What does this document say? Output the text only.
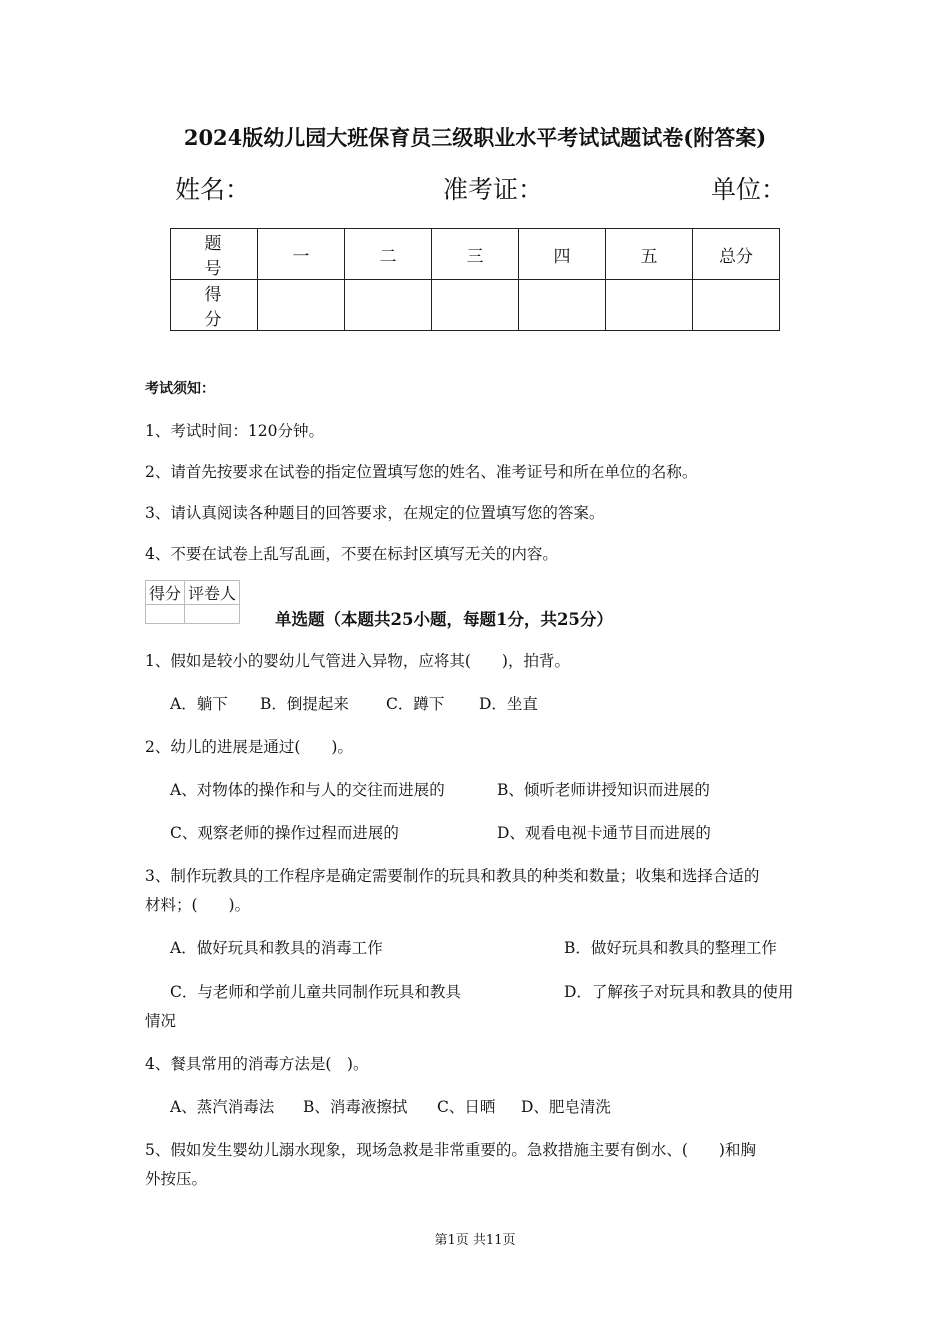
2024版幼儿园大班保育员三级职业水平考试试题试卷(附答案)
姓名：	准考证：	单位：
题　号	一	二	三	四	五	总分
得　分						
考试须知：
1、考试时间：120分钟。
2、请首先按要求在试卷的指定位置填写您的姓名、准考证号和所在单位的名称。
3、请认真阅读各种题目的回答要求，在规定的位置填写您的答案。
4、不要在试卷上乱写乱画，不要在标封区填写无关的内容。
得分	评卷人

单选题（本题共25小题，每题1分，共25分）
1、假如是较小的婴幼儿气管进入异物，应将其(　　)，拍背。
A．躺下 B．倒提起来 C．蹲下 D．坐直
2、幼儿的进展是通过(　　)。
A、对物体的操作和与人的交往而进展的	B、倾听老师讲授知识而进展的
C、观察老师的操作过程而进展的	D、观看电视卡通节目而进展的
3、制作玩教具的工作程序是确定需要制作的玩具和教具的种类和数量；收集和选择合适的
材料；(　　)。
A．做好玩具和教具的消毒工作	B．做好玩具和教具的整理工作
C．与老师和学前儿童共同制作玩具和教具	D．了解孩子对玩具和教具的使用
情况
4、餐具常用的消毒方法是(　)。
A、蒸汽消毒法 B、消毒液擦拭 C、日晒 D、肥皂清洗
5、假如发生婴幼儿溺水现象，现场急救是非常重要的。急救措施主要有倒水、(　　)和胸
外按压。
第1页 共11页
